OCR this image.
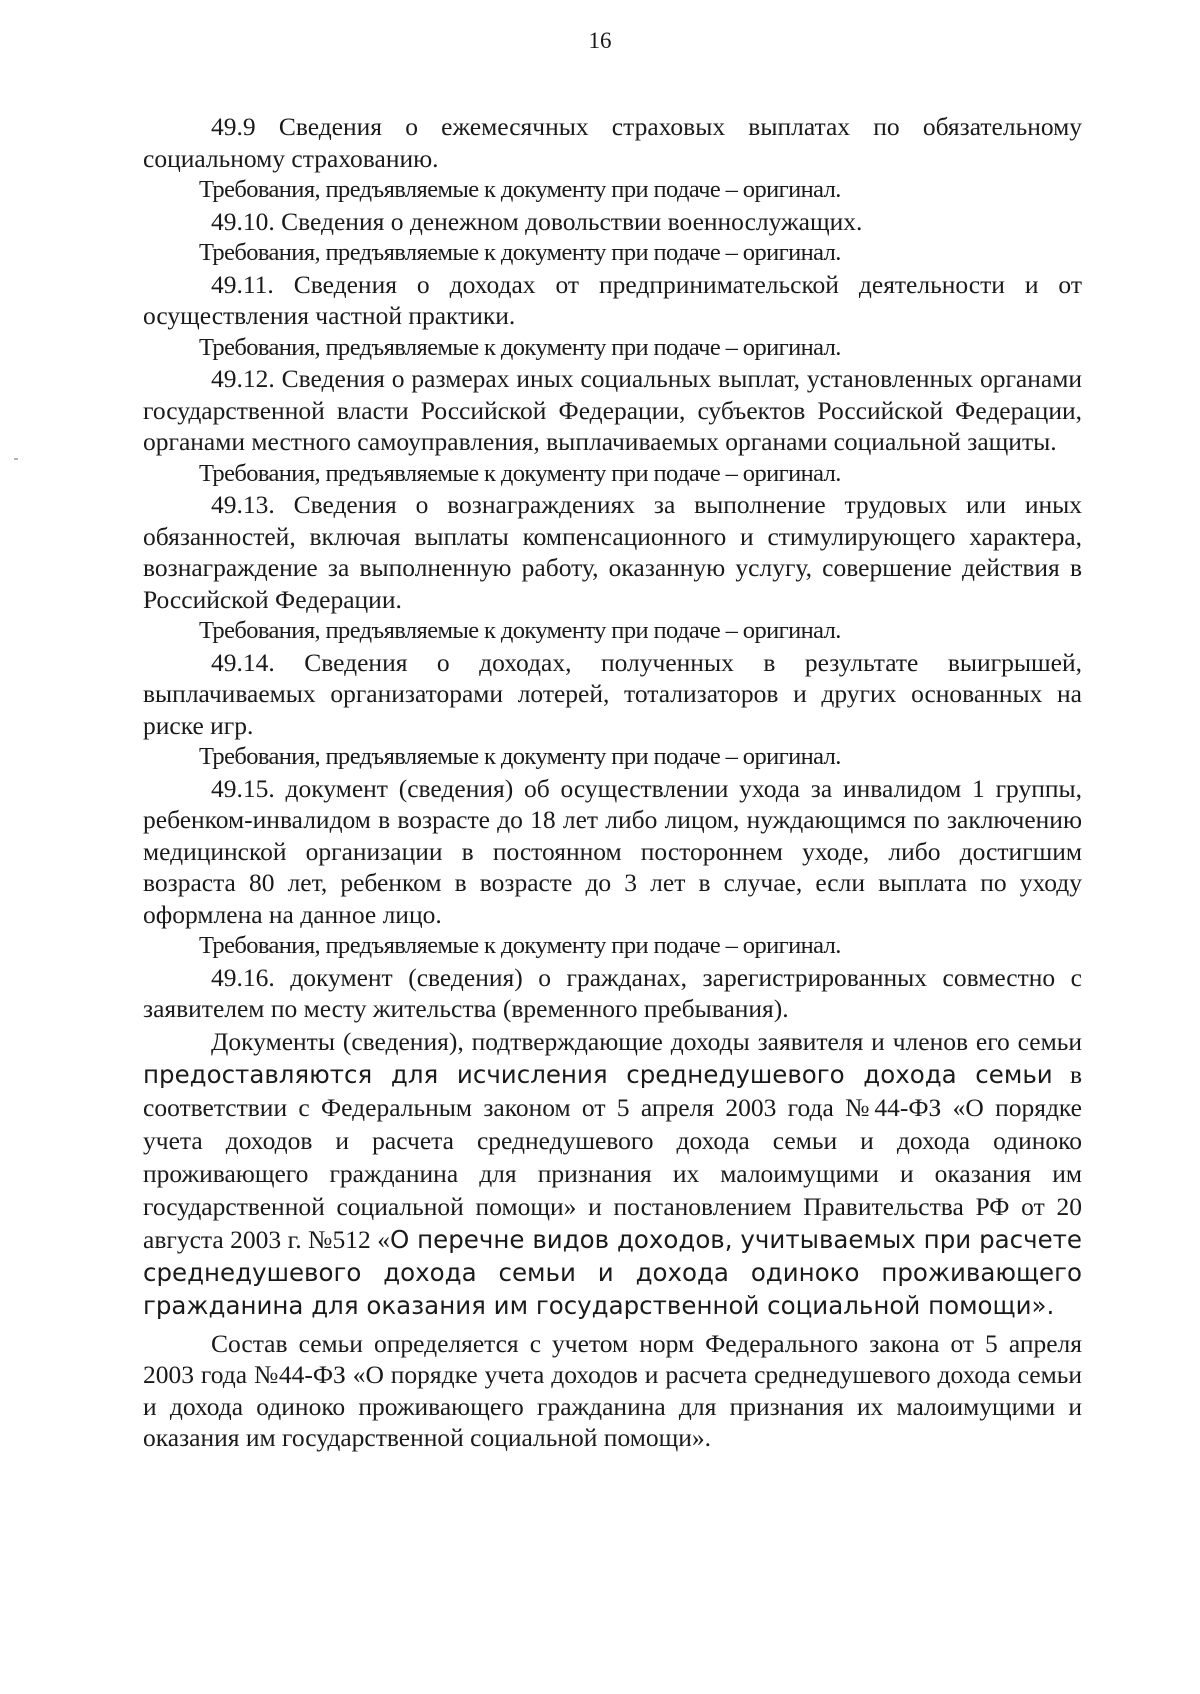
16

49.9 Сведения о ежемесячных страховых выплатах по обязательному социальному страхованию.

Требования, предъявляемые к документу при подаче – оригинал.

49.10. Сведения о денежном довольствии военнослужащих.

Требования, предъявляемые к документу при подаче – оригинал.

49.11. Сведения о доходах от предпринимательской деятельности и от осуществления частной практики.

Требования, предъявляемые к документу при подаче – оригинал.

49.12. Сведения о размерах иных социальных выплат, установленных органами государственной власти Российской Федерации, субъектов Российской Федерации, органами местного самоуправления, выплачиваемых органами социальной защиты.

Требования, предъявляемые к документу при подаче – оригинал.

49.13. Сведения о вознаграждениях за выполнение трудовых или иных обязанностей, включая выплаты компенсационного и стимулирующего характера, вознаграждение за выполненную работу, оказанную услугу, совершение действия в Российской Федерации.

Требования, предъявляемые к документу при подаче – оригинал.

49.14. Сведения о доходах, полученных в результате выигрышей, выплачиваемых организаторами лотерей, тотализаторов и других основанных на риске игр.

Требования, предъявляемые к документу при подаче – оригинал.

49.15. документ (сведения) об осуществлении ухода за инвалидом 1 группы, ребенком-инвалидом в возрасте до 18 лет либо лицом, нуждающимся по заключению медицинской организации в постоянном постороннем уходе, либо достигшим возраста 80 лет, ребенком в возрасте до 3 лет в случае, если выплата по уходу оформлена на данное лицо.

Требования, предъявляемые к документу при подаче – оригинал.

49.16. документ (сведения) о гражданах, зарегистрированных совместно с заявителем по месту жительства (временного пребывания).

Документы (сведения), подтверждающие доходы заявителя и членов его семьи предоставляются для исчисления среднедушевого дохода семьи в соответствии с Федеральным законом от 5 апреля 2003 года №44-ФЗ «О порядке учета доходов и расчета среднедушевого дохода семьи и дохода одиноко проживающего гражданина для признания их малоимущими и оказания им государственной социальной помощи» и постановлением Правительства РФ от 20 августа 2003 г. №512 «О перечне видов доходов, учитываемых при расчете среднедушевого дохода семьи и дохода одиноко проживающего гражданина для оказания им государственной социальной помощи».

Состав семьи определяется с учетом норм Федерального закона от 5 апреля 2003 года №44-ФЗ «О порядке учета доходов и расчета среднедушевого дохода семьи и дохода одиноко проживающего гражданина для признания их малоимущими и оказания им государственной социальной помощи».
